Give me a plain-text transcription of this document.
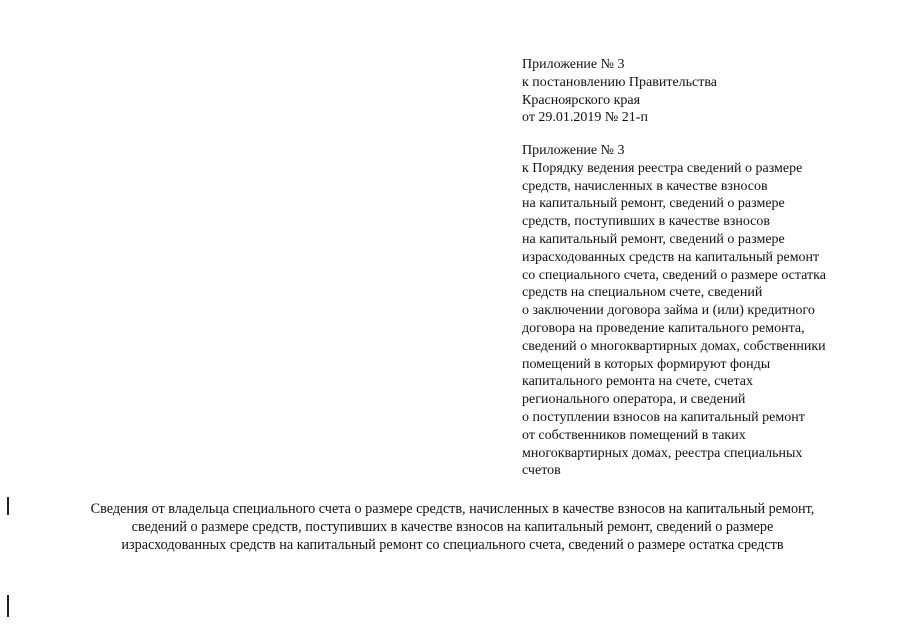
Приложение № 3
к постановлению Правительства
Красноярского края
от 29.01.2019 № 21-п
Приложение № 3
к Порядку ведения реестра сведений о размере
средств, начисленных в качестве взносов
на капитальный ремонт, сведений о размере
средств, поступивших в качестве взносов
на капитальный ремонт, сведений о размере
израсходованных средств на капитальный ремонт
со специального счета, сведений о размере остатка
средств на специальном счете, сведений
о заключении договора займа и (или) кредитного
договора на проведение капитального ремонта,
сведений о многоквартирных домах, собственники
помещений в которых формируют фонды
капитального ремонта на счете, счетах
регионального оператора, и сведений
о поступлении взносов на капитальный ремонт
от собственников помещений в таких
многоквартирных домах, реестра специальных
счетов
Сведения от владельца специального счета о размере средств, начисленных в качестве взносов на капитальный ремонт,
сведений о размере средств, поступивших в качестве взносов на капитальный ремонт, сведений о размере
израсходованных средств на капитальный ремонт со специального счета, сведений о размере остатка средств
